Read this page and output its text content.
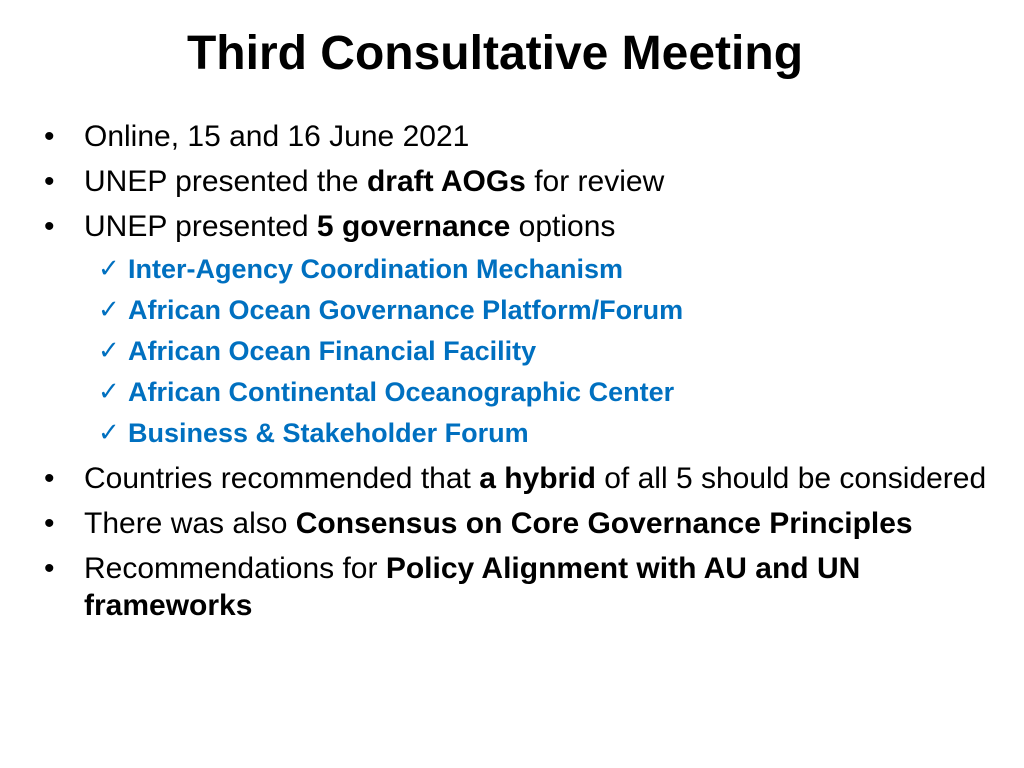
Third Consultative Meeting
• Online, 15 and 16 June 2021
• UNEP presented the draft AOGs for review
• UNEP presented 5 governance options
✓ Inter-Agency Coordination Mechanism
✓ African Ocean Governance Platform/Forum
✓ African Ocean Financial Facility
✓ African Continental Oceanographic Center
✓ Business & Stakeholder Forum
• Countries recommended that a hybrid of all 5 should be considered
• There was also Consensus on Core Governance Principles
• Recommendations for Policy Alignment with AU and UN frameworks
